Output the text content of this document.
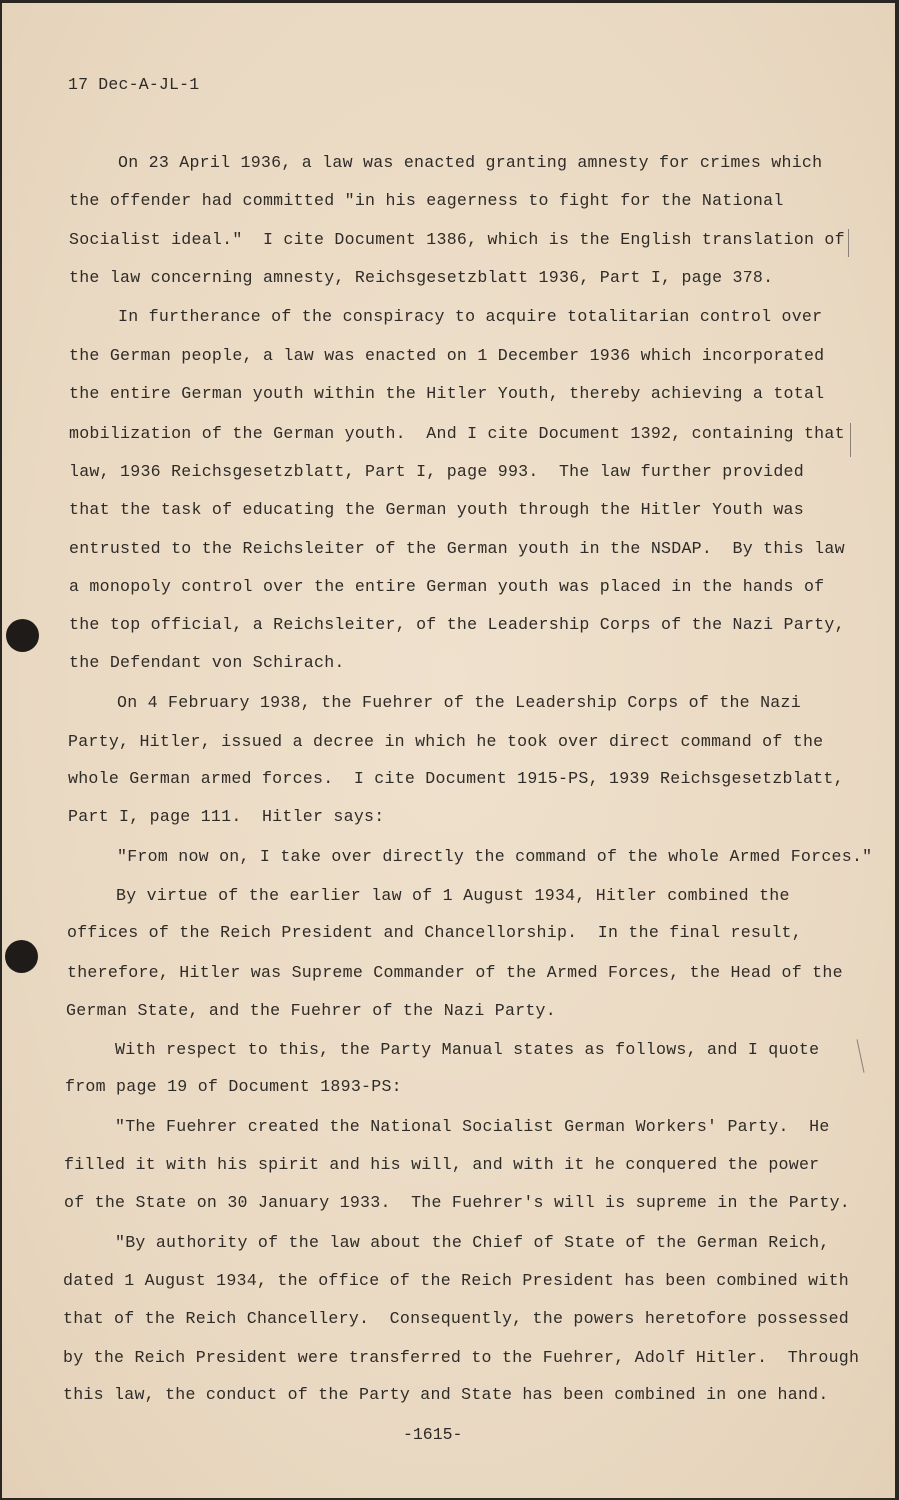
17 Dec-A-JL-1
On 23 April 1936, a law was enacted granting amnesty for crimes which
the offender had committed "in his eagerness to fight for the National
Socialist ideal."  I cite Document 1386, which is the English translation of
the law concerning amnesty, Reichsgesetzblatt 1936, Part I, page 378.
In furtherance of the conspiracy to acquire totalitarian control over
the German people, a law was enacted on 1 December 1936 which incorporated
the entire German youth within the Hitler Youth, thereby achieving a total
mobilization of the German youth.  And I cite Document 1392, containing that
law, 1936 Reichsgesetzblatt, Part I, page 993.  The law further provided
that the task of educating the German youth through the Hitler Youth was
entrusted to the Reichsleiter of the German youth in the NSDAP.  By this law
a monopoly control over the entire German youth was placed in the hands of
the top official, a Reichsleiter, of the Leadership Corps of the Nazi Party,
the Defendant von Schirach.
On 4 February 1938, the Fuehrer of the Leadership Corps of the Nazi
Party, Hitler, issued a decree in which he took over direct command of the
whole German armed forces.  I cite Document 1915-PS, 1939 Reichsgesetzblatt,
Part I, page 111.  Hitler says:
"From now on, I take over directly the command of the whole Armed Forces."
By virtue of the earlier law of 1 August 1934, Hitler combined the
offices of the Reich President and Chancellorship.  In the final result,
therefore, Hitler was Supreme Commander of the Armed Forces, the Head of the
German State, and the Fuehrer of the Nazi Party.
With respect to this, the Party Manual states as follows, and I quote
from page 19 of Document 1893-PS:
"The Fuehrer created the National Socialist German Workers' Party.  He
filled it with his spirit and his will, and with it he conquered the power
of the State on 30 January 1933.  The Fuehrer's will is supreme in the Party.
"By authority of the law about the Chief of State of the German Reich,
dated 1 August 1934, the office of the Reich President has been combined with
that of the Reich Chancellery.  Consequently, the powers heretofore possessed
by the Reich President were transferred to the Fuehrer, Adolf Hitler.  Through
this law, the conduct of the Party and State has been combined in one hand.
-1615-
